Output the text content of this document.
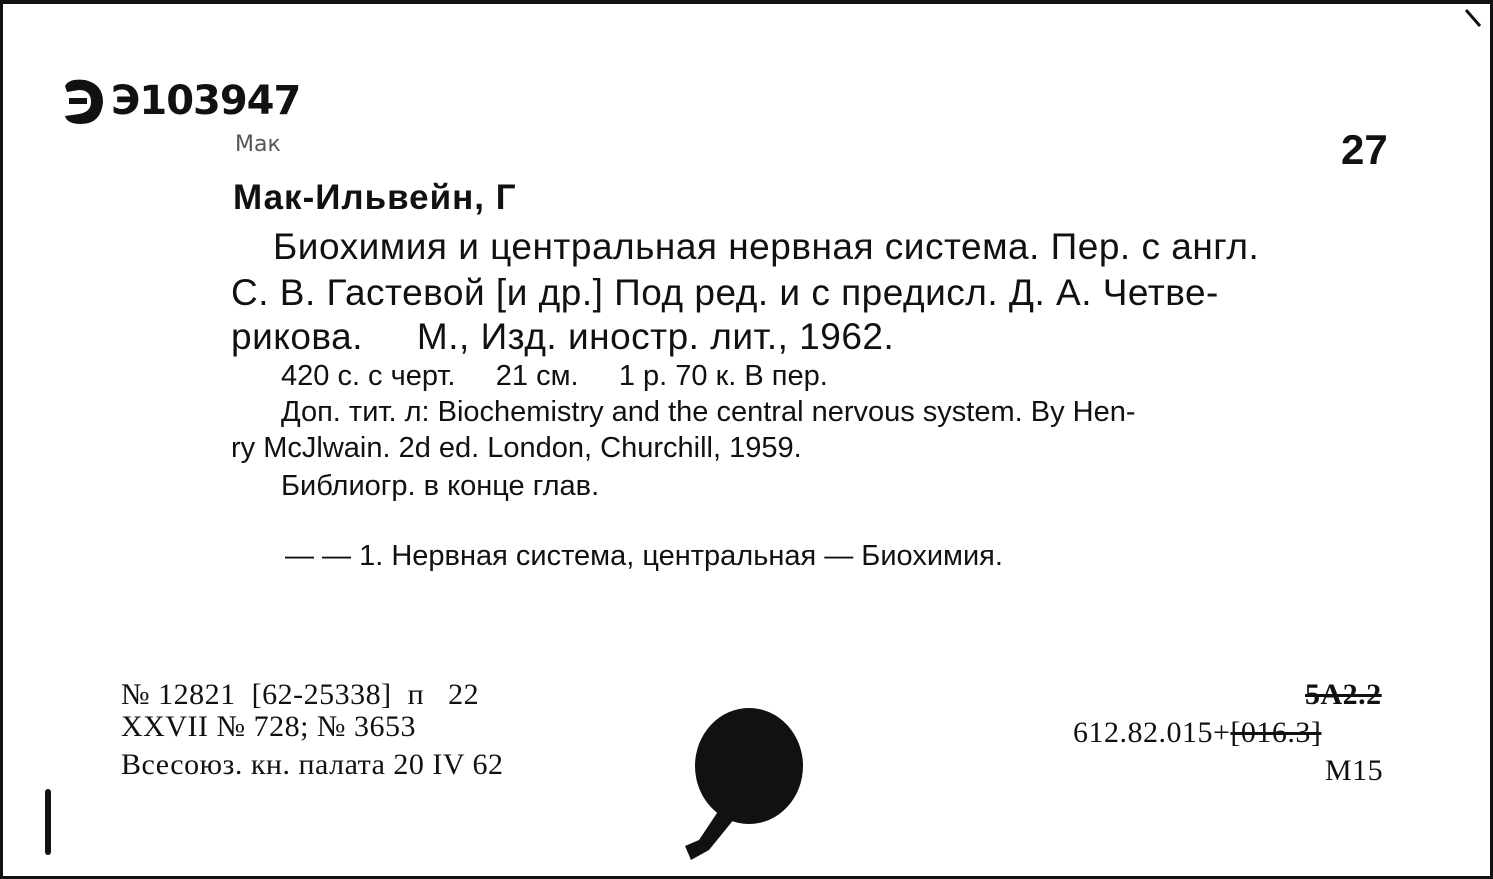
Э103947
Мак	27
Мак-Ильвейн, Г
Биохимия и центральная нервная система. Пер. с англ.
С. В. Гастевой [и др.] Под ред. и с предисл. Д. А. Четве-
рикова.     М., Изд. иностр. лит., 1962.
420 с. с черт.     21 см.     1 р. 70 к. В пер.
Доп. тит. л: Biochemistry and the central nervous system. By Hen-
ry McJlwain. 2d ed. London, Churchill, 1959.
Библиогр. в конце глав.
— — 1. Нервная система, центральная — Биохимия.
№ 12821  [62-25338]  п   22
XXVII № 728; № 3653
Всесоюз. кн. палата 20 IV 62
5А2.2
612.82.015+[016.3]
М15
